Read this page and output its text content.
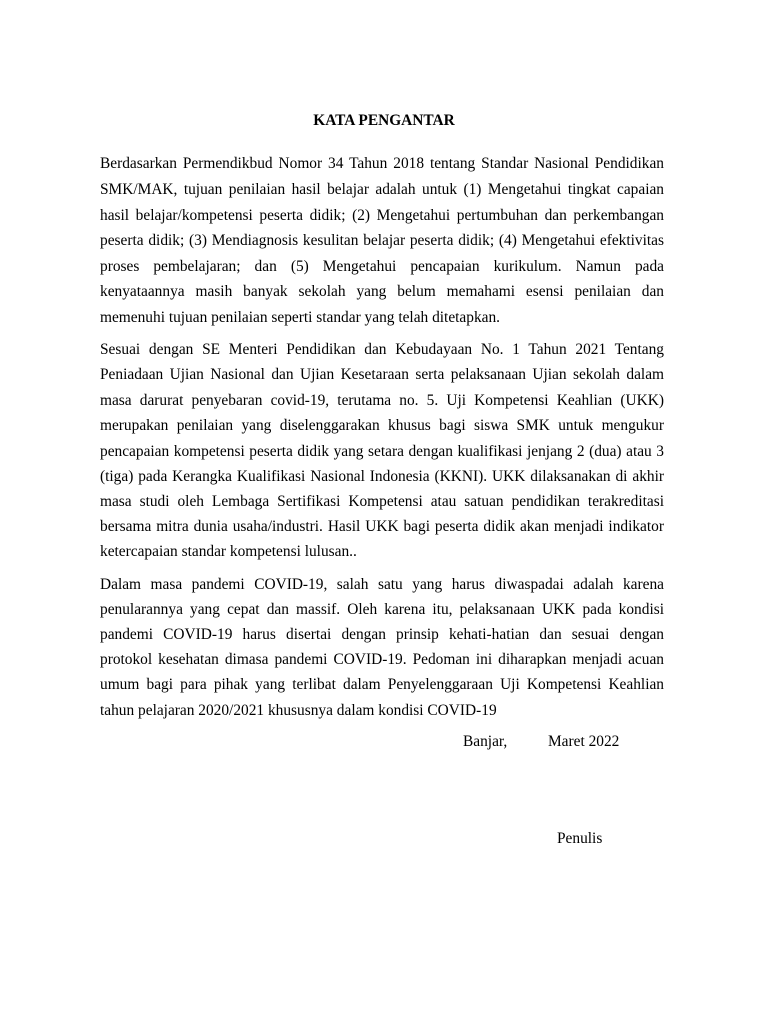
KATA PENGANTAR
Berdasarkan Permendikbud Nomor 34 Tahun 2018 tentang Standar Nasional Pendidikan
SMK/MAK, tujuan penilaian hasil belajar adalah untuk (1) Mengetahui tingkat capaian
hasil belajar/kompetensi peserta didik; (2) Mengetahui pertumbuhan dan perkembangan
peserta didik; (3) Mendiagnosis kesulitan belajar peserta didik; (4) Mengetahui efektivitas
proses pembelajaran; dan (5) Mengetahui pencapaian kurikulum. Namun pada
kenyataannya masih banyak sekolah yang belum memahami esensi penilaian dan
memenuhi tujuan penilaian seperti standar yang telah ditetapkan.
Sesuai dengan SE Menteri Pendidikan dan Kebudayaan No. 1 Tahun 2021 Tentang
Peniadaan Ujian Nasional dan Ujian Kesetaraan serta pelaksanaan Ujian sekolah dalam
masa darurat penyebaran covid-19, terutama no. 5. Uji Kompetensi Keahlian (UKK)
merupakan penilaian yang diselenggarakan khusus bagi siswa SMK untuk mengukur
pencapaian kompetensi peserta didik yang setara dengan kualifikasi jenjang 2 (dua) atau 3
(tiga) pada Kerangka Kualifikasi Nasional Indonesia (KKNI). UKK dilaksanakan di akhir
masa studi oleh Lembaga Sertifikasi Kompetensi atau satuan pendidikan terakreditasi
bersama mitra dunia usaha/industri. Hasil UKK bagi peserta didik akan menjadi indikator
ketercapaian standar kompetensi lulusan..
Dalam masa pandemi COVID-19, salah satu yang harus diwaspadai adalah karena
penularannya yang cepat dan massif. Oleh karena itu, pelaksanaan UKK pada kondisi
pandemi COVID-19 harus disertai dengan prinsip kehati-hatian dan sesuai dengan
protokol kesehatan dimasa pandemi COVID-19. Pedoman ini diharapkan menjadi acuan
umum bagi para pihak yang terlibat dalam Penyelenggaraan Uji Kompetensi Keahlian
tahun pelajaran 2020/2021 khususnya dalam kondisi COVID-19
Banjar,	Maret 2022
Penulis
